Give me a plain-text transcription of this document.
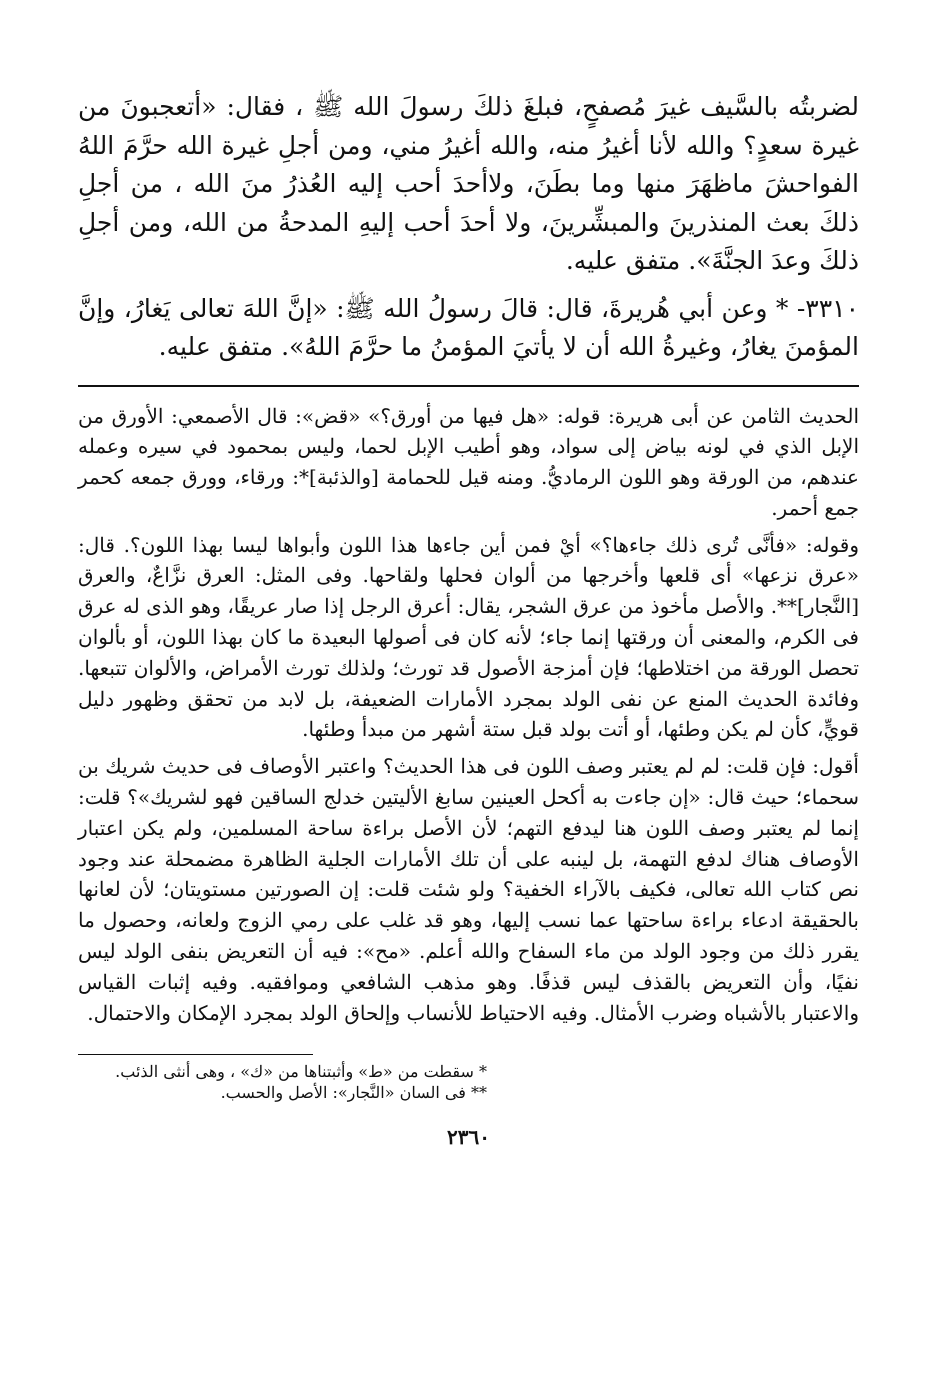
لضربتُه بالسَّيف غيرَ مُصفحٍ، فبلغَ ذلكَ رسولَ الله ﷺ ، فقال: «أتعجبونَ من غيرة سعدٍ؟ والله لأنا أغيرُ منه، والله أغيرُ مني، ومن أجلِ غيرة الله حرَّمَ اللهُ الفواحشَ ماظهَرَ منها وما بطَنَ، ولاأحدَ أحب إليه العُذرُ منَ الله ، من أجلِ ذلكَ بعث المنذرينَ والمبشِّرينَ، ولا أحدَ أحب إليهِ المدحةُ من الله، ومن أجلِ ذلكَ وعدَ الجنَّةَ». متفق عليه.

٣٣١٠- * وعن أبي هُريرةَ، قال: قالَ رسولُ الله ﷺ: «إنَّ اللهَ تعالى يَغارُ، وإنَّ المؤمنَ يغارُ، وغيرةُ الله أن لا يأتيَ المؤمنُ ما حرَّمَ اللهُ». متفق عليه.

الحديث الثامن عن أبى هريرة: قوله: «هل فيها من أورق؟» «قض»: قال الأصمعي: الأورق من الإبل الذي في لونه بياض إلى سواد، وهو أطيب الإبل لحما، وليس بمحمود في سيره وعمله عندهم، من الورقة وهو اللون الرماديُّ. ومنه قيل للحمامة [والذئبة]*: ورقاء، وورق جمعه كحمر جمع أحمر.

وقوله: «فأنَّى تُرى ذلك جاءها؟» أيْ فمن أين جاءها هذا اللون وأبواها ليسا بهذا اللون؟. قال: «عرق نزعها» أى قلعها وأخرجها من ألوان فحلها ولقاحها. وفى المثل: العرق نزَّاعٌ، والعرق [النَّجار]**. والأصل مأخوذ من عرق الشجر، يقال: أعرق الرجل إذا صار عريقًا، وهو الذى له عرق فى الكرم، والمعنى أن ورقتها إنما جاء؛ لأنه كان فى أصولها البعيدة ما كان بهذا اللون، أو بألوان تحصل الورقة من اختلاطها؛ فإن أمزجة الأصول قد تورث؛ ولذلك تورث الأمراض، والألوان تتبعها. وفائدة الحديث المنع عن نفى الولد بمجرد الأمارات الضعيفة، بل لابد من تحقق وظهور دليل قويٍّ، كأن لم يكن وطئها، أو أتت بولد قبل ستة أشهر من مبدأ وطئها.

أقول: فإن قلت: لم لم يعتبر وصف اللون فى هذا الحديث؟ واعتبر الأوصاف فى حديث شريك بن سحماء؛ حيث قال: «إن جاءت به أكحل العينين سابغ الأليتين خدلج الساقين فهو لشريك»؟ قلت: إنما لم يعتبر وصف اللون هنا ليدفع التهم؛ لأن الأصل براءة ساحة المسلمين، ولم يكن اعتبار الأوصاف هناك لدفع التهمة، بل لينبه على أن تلك الأمارات الجلية الظاهرة مضمحلة عند وجود نص كتاب الله تعالى، فكيف بالآراء الخفية؟ ولو شئت قلت: إن الصورتين مستويتان؛ لأن لعانها بالحقيقة ادعاء براءة ساحتها عما نسب إليها، وهو قد غلب على رمي الزوج ولعانه، وحصول ما يقرر ذلك من وجود الولد من ماء السفاح والله أعلم. «مح»: فيه أن التعريض بنفى الولد ليس نفيًا، وأن التعريض بالقذف ليس قذفًا. وهو مذهب الشافعي وموافقيه. وفيه إثبات القياس والاعتبار بالأشباه وضرب الأمثال. وفيه الاحتياط للأنساب وإلحاق الولد بمجرد الإمكان والاحتمال.

* سقطت من «ط» وأثبتناها من «ك» ، وهى أنثى الذئب.

** فى السان «النَّجار»: الأصل والحسب.

٢٣٦٠
